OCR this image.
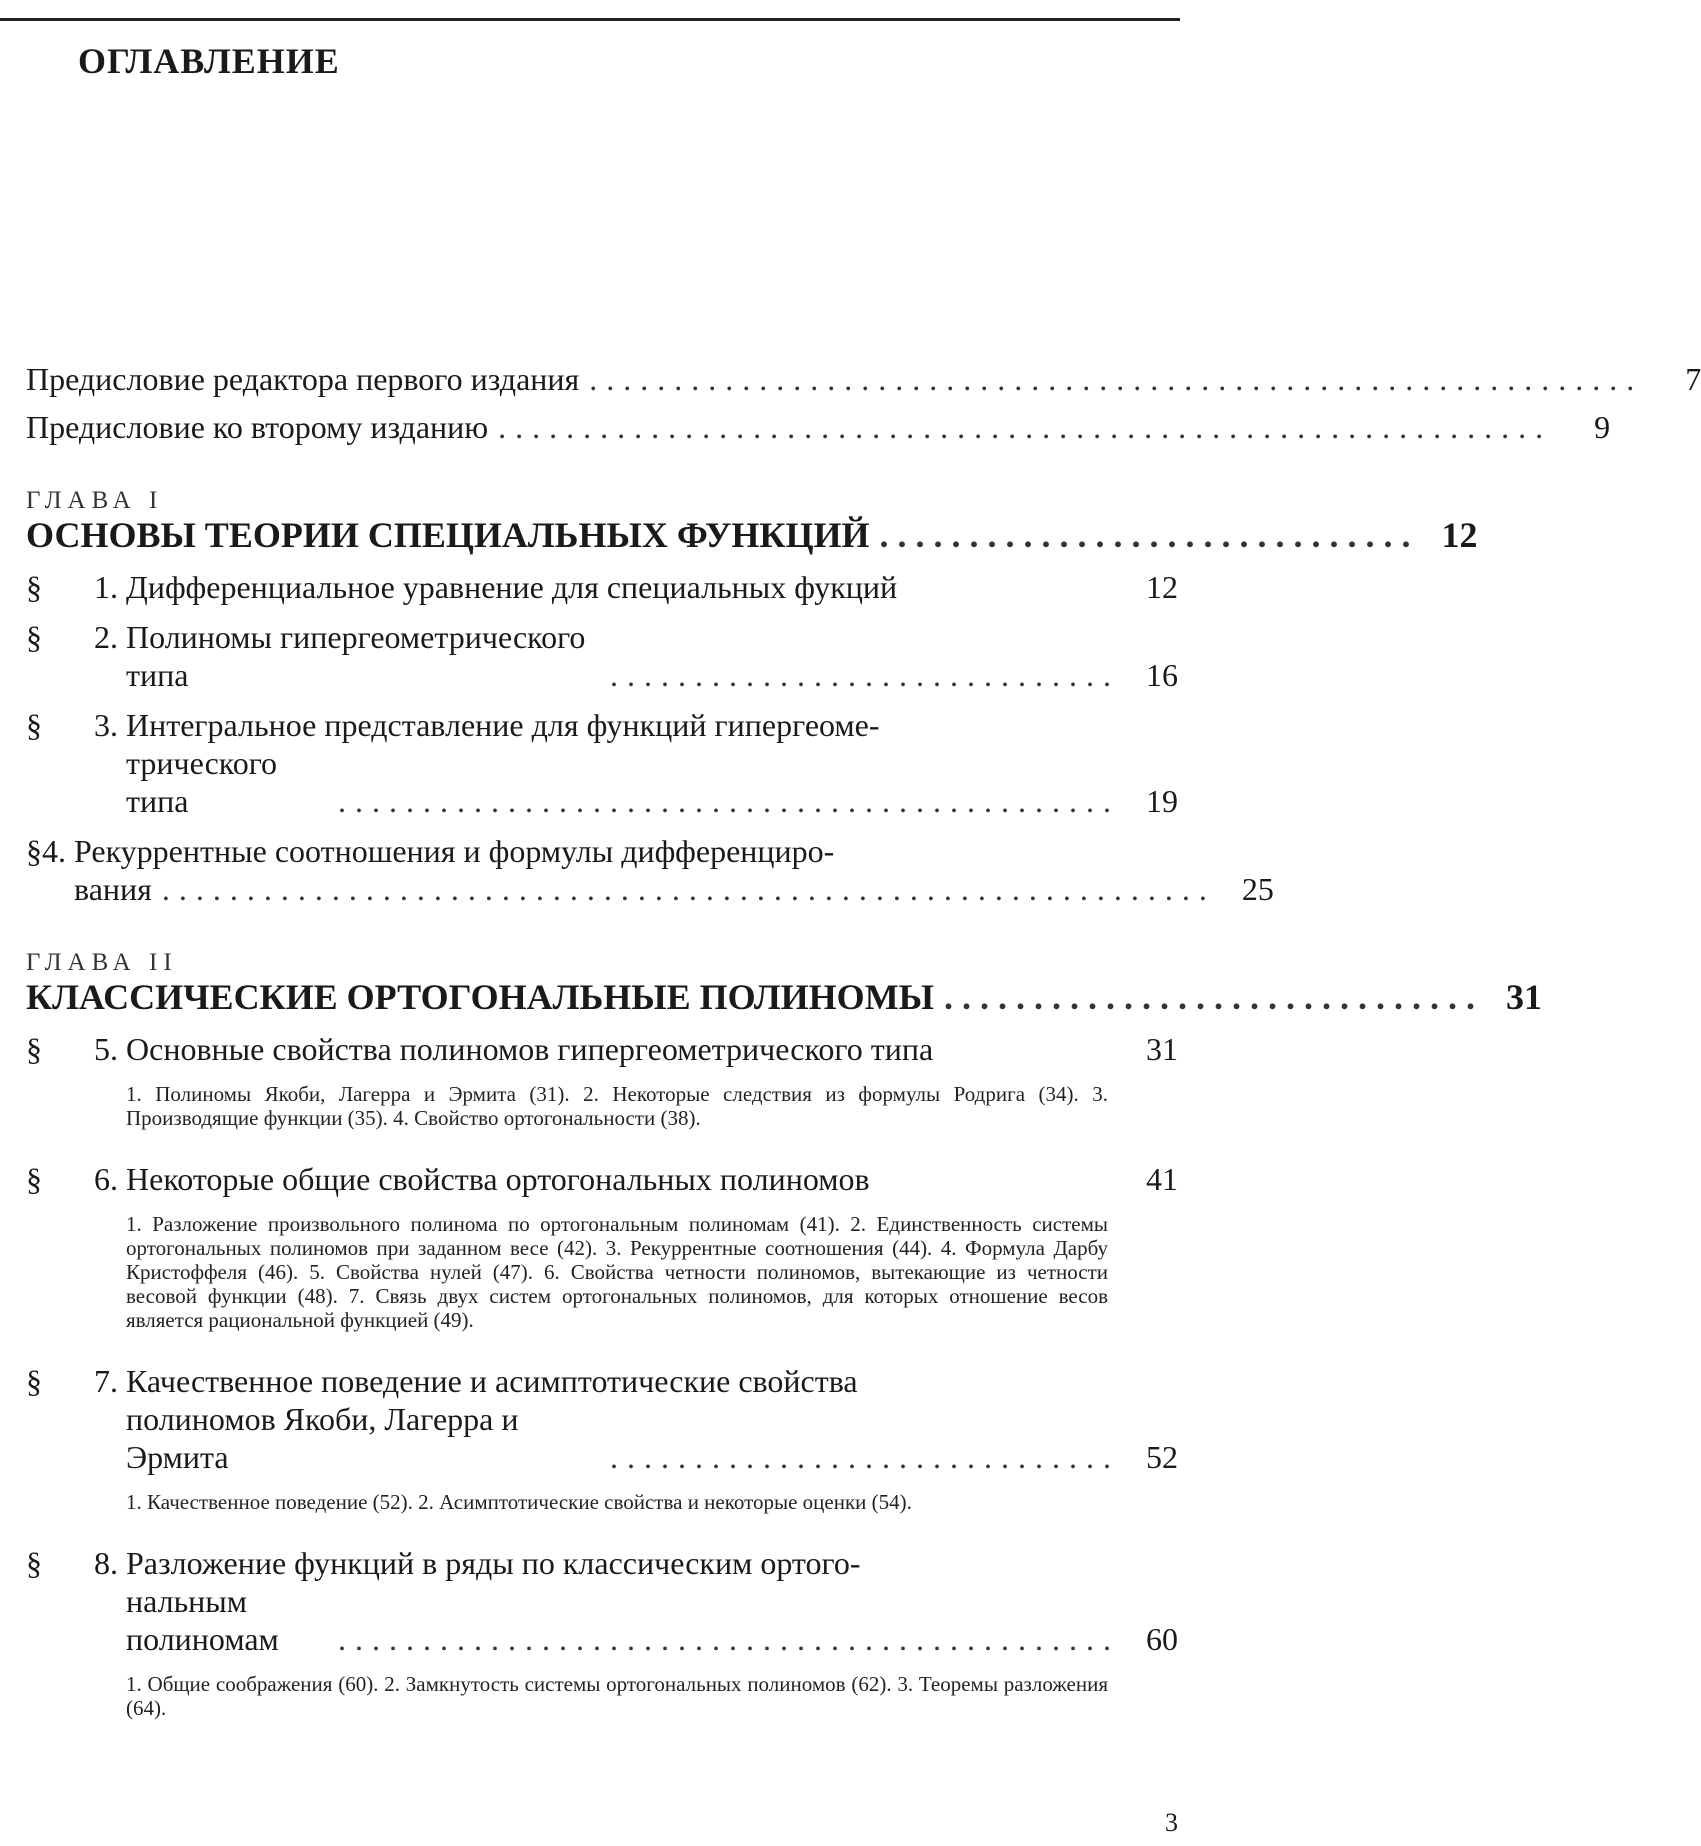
ОГЛАВЛЕНИЕ
Предисловие редактора первого издания ..............................................................	7
Предисловие ко второму изданию ..............................................................	9
ГЛАВА I
ОСНОВЫ ТЕОРИИ СПЕЦИАЛЬНЫХ ФУНКЦИЙ .............................. 12
§	1. Дифференциальное уравнение для специальных фукций	12
§	2. Полиномы гипергеометрического типа	.............................. 16
§	3. Интегральное представление для функций гипергеоме-
трического типа	.............................................. 19
§ 4. Рекуррентные соотношения и формулы дифференциро-
вания .............................................................. 25
ГЛАВА II
КЛАССИЧЕСКИЕ ОРТОГОНАЛЬНЫЕ ПОЛИНОМЫ .............................. 31
§	5. Основные свойства полиномов гипергеометрического типа	31
1. Полиномы Якоби, Лагерра и Эрмита (31). 2. Некоторые следствия из формулы Родрига (34). 3. Производящие функции (35). 4. Свойство ортогональности (38).
§	6. Некоторые общие свойства ортогональных полиномов	41
1. Разложение произвольного полинома по ортогональным полиномам (41). 2. Единственность системы ортогональных полиномов при заданном весе (42). 3. Рекуррентные соотношения (44). 4. Формула Дарбу Кристоффеля (46). 5. Свойства нулей (47). 6. Свойства четности полиномов, вытекающие из четности весовой функции (48). 7. Связь двух систем ортогональных полиномов, для которых отношение весов является рациональной функцией (49).
§	7. Качественное поведение и асимптотические свойства
полиномов Якоби, Лагерра и Эрмита	.............................. 52
1. Качественное поведение (52). 2. Асимптотические свойства и некоторые оценки (54).
§	8. Разложение функций в ряды по классическим ортого-
нальным полиномам	.............................................. 60
1. Общие соображения (60). 2. Замкнутость системы ортогональных полиномов (62). 3. Теоремы разложения (64).
3
